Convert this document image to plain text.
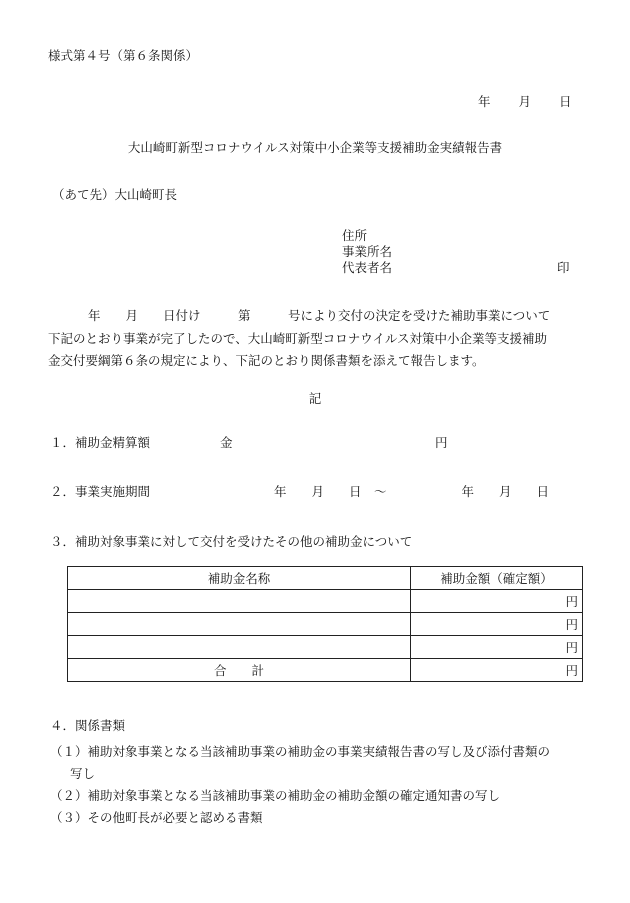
様式第４号（第６条関係）
年 月 日
大山崎町新型コロナウイルス対策中小企業等支援補助金実績報告書
（あて先）大山崎町長
住所
事業所名
代表者名	印
年　　月　　日付け　　　第　　　号により交付の決定を受けた補助事業について
下記のとおり事業が完了したので、大山崎町新型コロナウイルス対策中小企業等支援補助
金交付要綱第６条の規定により、下記のとおり関係書類を添えて報告します。
記
１．補助金精算額	金	円
２．事業実施期間	年　　月　　日　～　　　　　　年　　月　　日
３．補助対象事業に対して交付を受けたその他の補助金について
補助金名称	補助金額（確定額）
	円
	円
	円
合　　計	円
４．関係書類
（１）補助対象事業となる当該補助事業の補助金の事業実績報告書の写し及び添付書類の
写し
（２）補助対象事業となる当該補助事業の補助金の補助金額の確定通知書の写し
（３）その他町長が必要と認める書類
